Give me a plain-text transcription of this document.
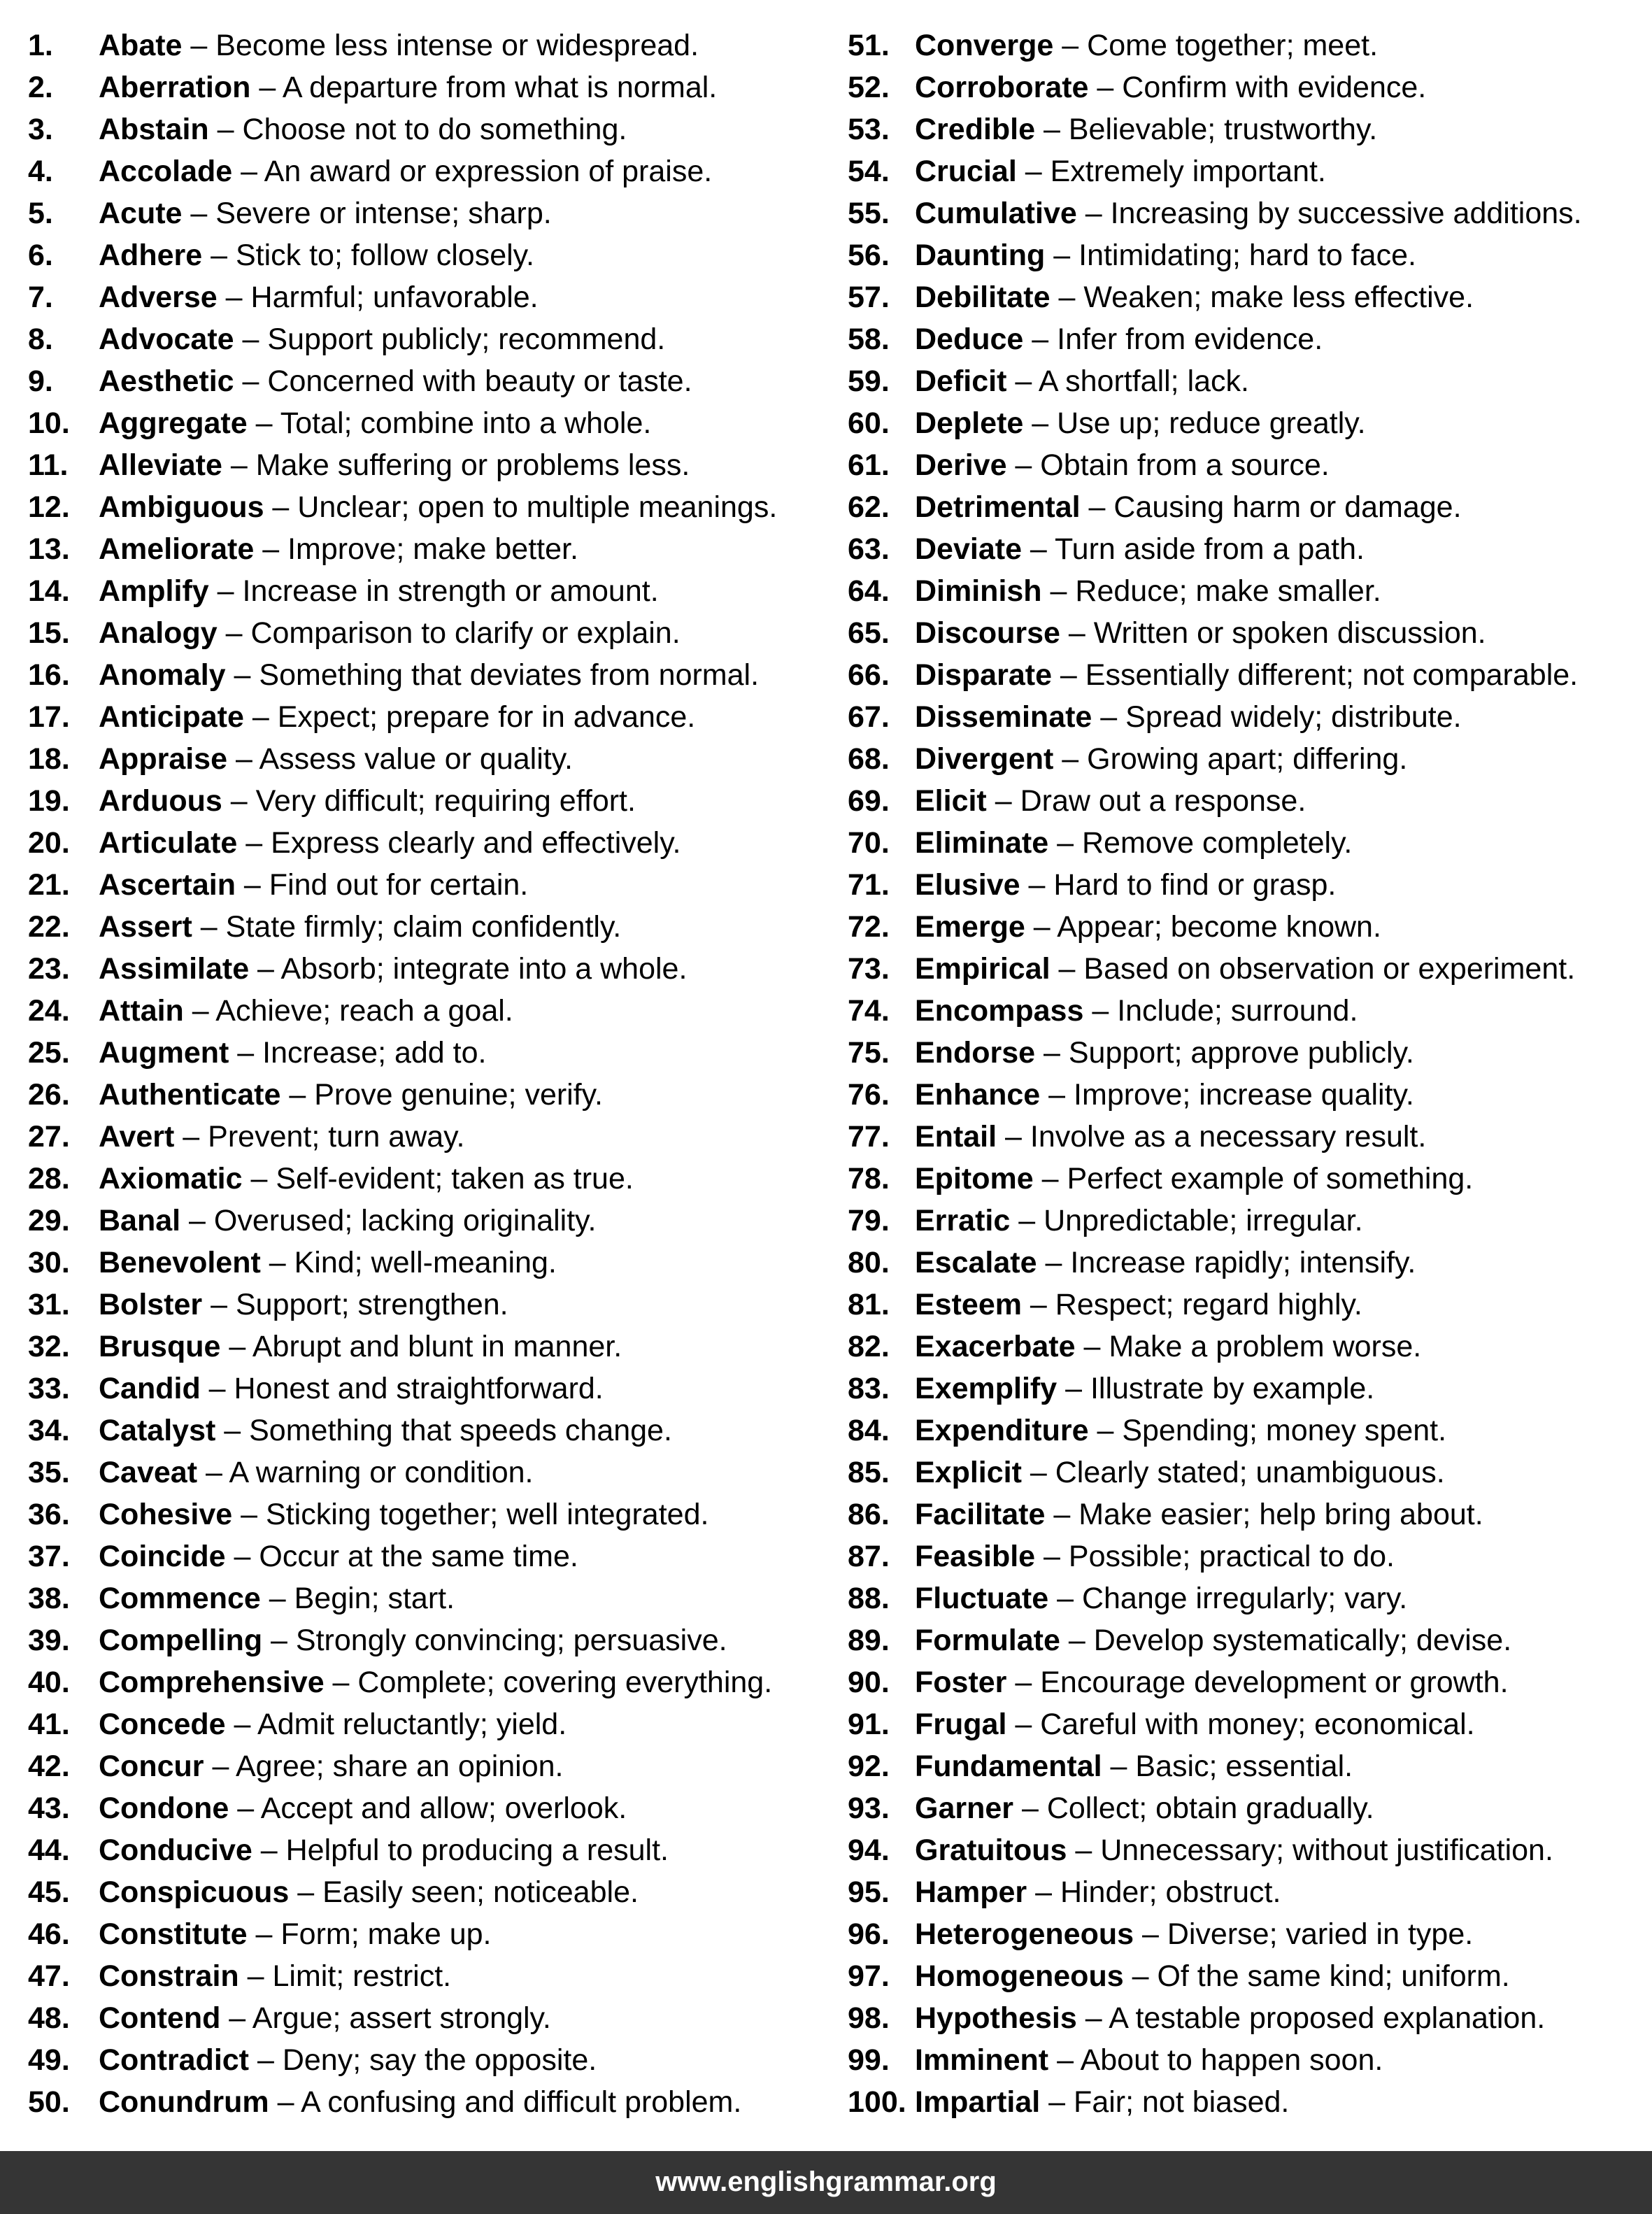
1. Abate – Become less intense or widespread.
2. Aberration – A departure from what is normal.
3. Abstain – Choose not to do something.
4. Accolade – An award or expression of praise.
5. Acute – Severe or intense; sharp.
6. Adhere – Stick to; follow closely.
7. Adverse – Harmful; unfavorable.
8. Advocate – Support publicly; recommend.
9. Aesthetic – Concerned with beauty or taste.
10. Aggregate – Total; combine into a whole.
11. Alleviate – Make suffering or problems less.
12. Ambiguous – Unclear; open to multiple meanings.
13. Ameliorate – Improve; make better.
14. Amplify – Increase in strength or amount.
15. Analogy – Comparison to clarify or explain.
16. Anomaly – Something that deviates from normal.
17. Anticipate – Expect; prepare for in advance.
18. Appraise – Assess value or quality.
19. Arduous – Very difficult; requiring effort.
20. Articulate – Express clearly and effectively.
21. Ascertain – Find out for certain.
22. Assert – State firmly; claim confidently.
23. Assimilate – Absorb; integrate into a whole.
24. Attain – Achieve; reach a goal.
25. Augment – Increase; add to.
26. Authenticate – Prove genuine; verify.
27. Avert – Prevent; turn away.
28. Axiomatic – Self-evident; taken as true.
29. Banal – Overused; lacking originality.
30. Benevolent – Kind; well-meaning.
31. Bolster – Support; strengthen.
32. Brusque – Abrupt and blunt in manner.
33. Candid – Honest and straightforward.
34. Catalyst – Something that speeds change.
35. Caveat – A warning or condition.
36. Cohesive – Sticking together; well integrated.
37. Coincide – Occur at the same time.
38. Commence – Begin; start.
39. Compelling – Strongly convincing; persuasive.
40. Comprehensive – Complete; covering everything.
41. Concede – Admit reluctantly; yield.
42. Concur – Agree; share an opinion.
43. Condone – Accept and allow; overlook.
44. Conducive – Helpful to producing a result.
45. Conspicuous – Easily seen; noticeable.
46. Constitute – Form; make up.
47. Constrain – Limit; restrict.
48. Contend – Argue; assert strongly.
49. Contradict – Deny; say the opposite.
50. Conundrum – A confusing and difficult problem.
51. Converge – Come together; meet.
52. Corroborate – Confirm with evidence.
53. Credible – Believable; trustworthy.
54. Crucial – Extremely important.
55. Cumulative – Increasing by successive additions.
56. Daunting – Intimidating; hard to face.
57. Debilitate – Weaken; make less effective.
58. Deduce – Infer from evidence.
59. Deficit – A shortfall; lack.
60. Deplete – Use up; reduce greatly.
61. Derive – Obtain from a source.
62. Detrimental – Causing harm or damage.
63. Deviate – Turn aside from a path.
64. Diminish – Reduce; make smaller.
65. Discourse – Written or spoken discussion.
66. Disparate – Essentially different; not comparable.
67. Disseminate – Spread widely; distribute.
68. Divergent – Growing apart; differing.
69. Elicit – Draw out a response.
70. Eliminate – Remove completely.
71. Elusive – Hard to find or grasp.
72. Emerge – Appear; become known.
73. Empirical – Based on observation or experiment.
74. Encompass – Include; surround.
75. Endorse – Support; approve publicly.
76. Enhance – Improve; increase quality.
77. Entail – Involve as a necessary result.
78. Epitome – Perfect example of something.
79. Erratic – Unpredictable; irregular.
80. Escalate – Increase rapidly; intensify.
81. Esteem – Respect; regard highly.
82. Exacerbate – Make a problem worse.
83. Exemplify – Illustrate by example.
84. Expenditure – Spending; money spent.
85. Explicit – Clearly stated; unambiguous.
86. Facilitate – Make easier; help bring about.
87. Feasible – Possible; practical to do.
88. Fluctuate – Change irregularly; vary.
89. Formulate – Develop systematically; devise.
90. Foster – Encourage development or growth.
91. Frugal – Careful with money; economical.
92. Fundamental – Basic; essential.
93. Garner – Collect; obtain gradually.
94. Gratuitous – Unnecessary; without justification.
95. Hamper – Hinder; obstruct.
96. Heterogeneous – Diverse; varied in type.
97. Homogeneous – Of the same kind; uniform.
98. Hypothesis – A testable proposed explanation.
99. Imminent – About to happen soon.
100. Impartial – Fair; not biased.
www.englishgrammar.org
